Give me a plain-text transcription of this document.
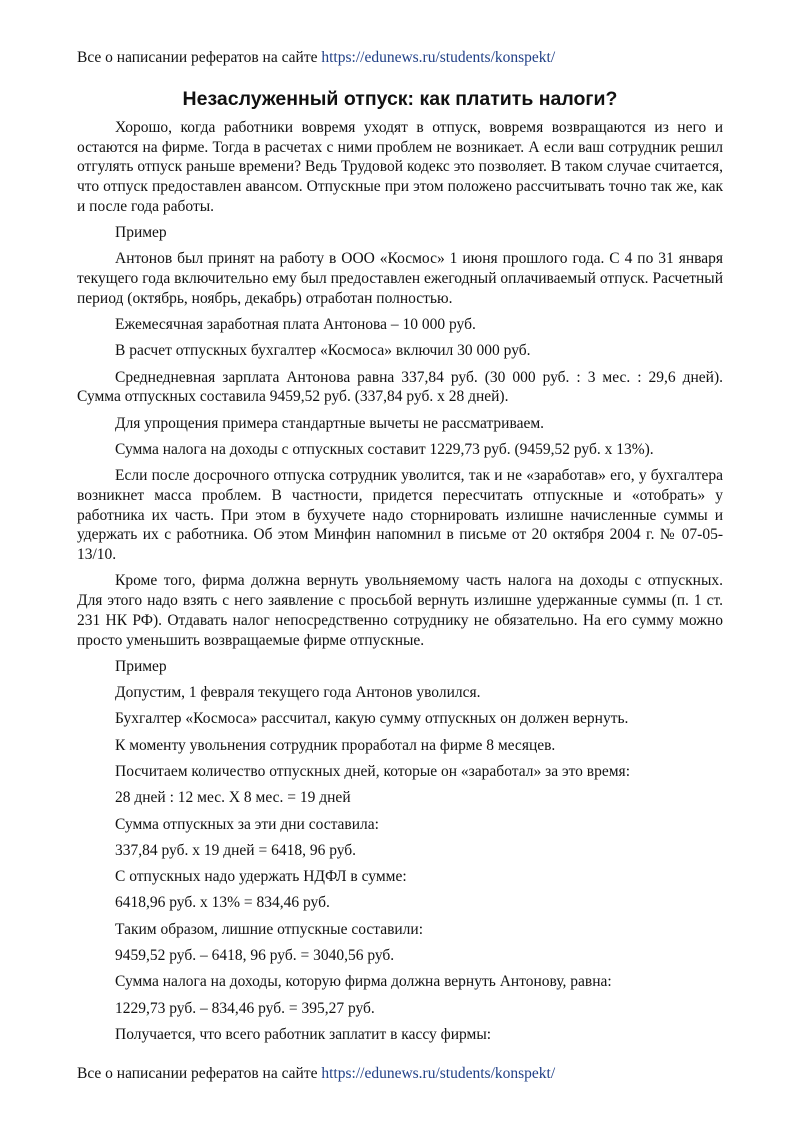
Все о написании рефератов на сайте https://edunews.ru/students/konspekt/
Незаслуженный отпуск: как платить налоги?

Хорошо, когда работники вовремя уходят в отпуск, вовремя возвращаются из него и остаются на фирме. Тогда в расчетах с ними проблем не возникает. А если ваш сотрудник решил отгулять отпуск раньше времени? Ведь Трудовой кодекс это позволяет. В таком случае считается, что отпуск предоставлен авансом. Отпускные при этом положено рассчитывать точно так же, как и после года работы.

Пример

Антонов был принят на работу в ООО «Космос» 1 июня прошлого года. С 4 по 31 января текущего года включительно ему был предоставлен ежегодный оплачиваемый отпуск. Расчетный период (октябрь, ноябрь, декабрь) отработан полностью.

Ежемесячная заработная плата Антонова – 10 000 руб.

В расчет отпускных бухгалтер «Космоса» включил 30 000 руб.

Среднедневная зарплата Антонова равна 337,84 руб. (30 000 руб. : 3 мес. : 29,6 дней). Сумма отпускных составила 9459,52 руб. (337,84 руб. х 28 дней).

Для упрощения примера стандартные вычеты не рассматриваем.

Сумма налога на доходы с отпускных составит 1229,73 руб. (9459,52 руб. х 13%).

Если после досрочного отпуска сотрудник уволится, так и не «заработав» его, у бухгалтера возникнет масса проблем. В частности, придется пересчитать отпускные и «отобрать» у работника их часть. При этом в бухучете надо сторнировать излишне начисленные суммы и удержать их с работника. Об этом Минфин напомнил в письме от 20 октября 2004 г. № 07-05-13/10.

Кроме того, фирма должна вернуть увольняемому часть налога на доходы с отпускных. Для этого надо взять с него заявление с просьбой вернуть излишне удержанные суммы (п. 1 ст. 231 НК РФ). Отдавать налог непосредственно сотруднику не обязательно. На его сумму можно просто уменьшить возвращаемые фирме отпускные.

Пример

Допустим, 1 февраля текущего года Антонов уволился.

Бухгалтер «Космоса» рассчитал, какую сумму отпускных он должен вернуть.

К моменту увольнения сотрудник проработал на фирме 8 месяцев.

Посчитаем количество отпускных дней, которые он «заработал» за это время:

28 дней : 12 мес. Х 8 мес. = 19 дней

Сумма отпускных за эти дни составила:

337,84 руб. х 19 дней = 6418, 96 руб.

С отпускных надо удержать НДФЛ в сумме:

6418,96 руб. х 13% = 834,46 руб.

Таким образом, лишние отпускные составили:

9459,52 руб. – 6418, 96 руб. = 3040,56 руб.

Сумма налога на доходы, которую фирма должна вернуть Антонову, равна:

1229,73 руб. – 834,46 руб. = 395,27 руб.

Получается, что всего работник заплатит в кассу фирмы:

Все о написании рефератов на сайте https://edunews.ru/students/konspekt/
